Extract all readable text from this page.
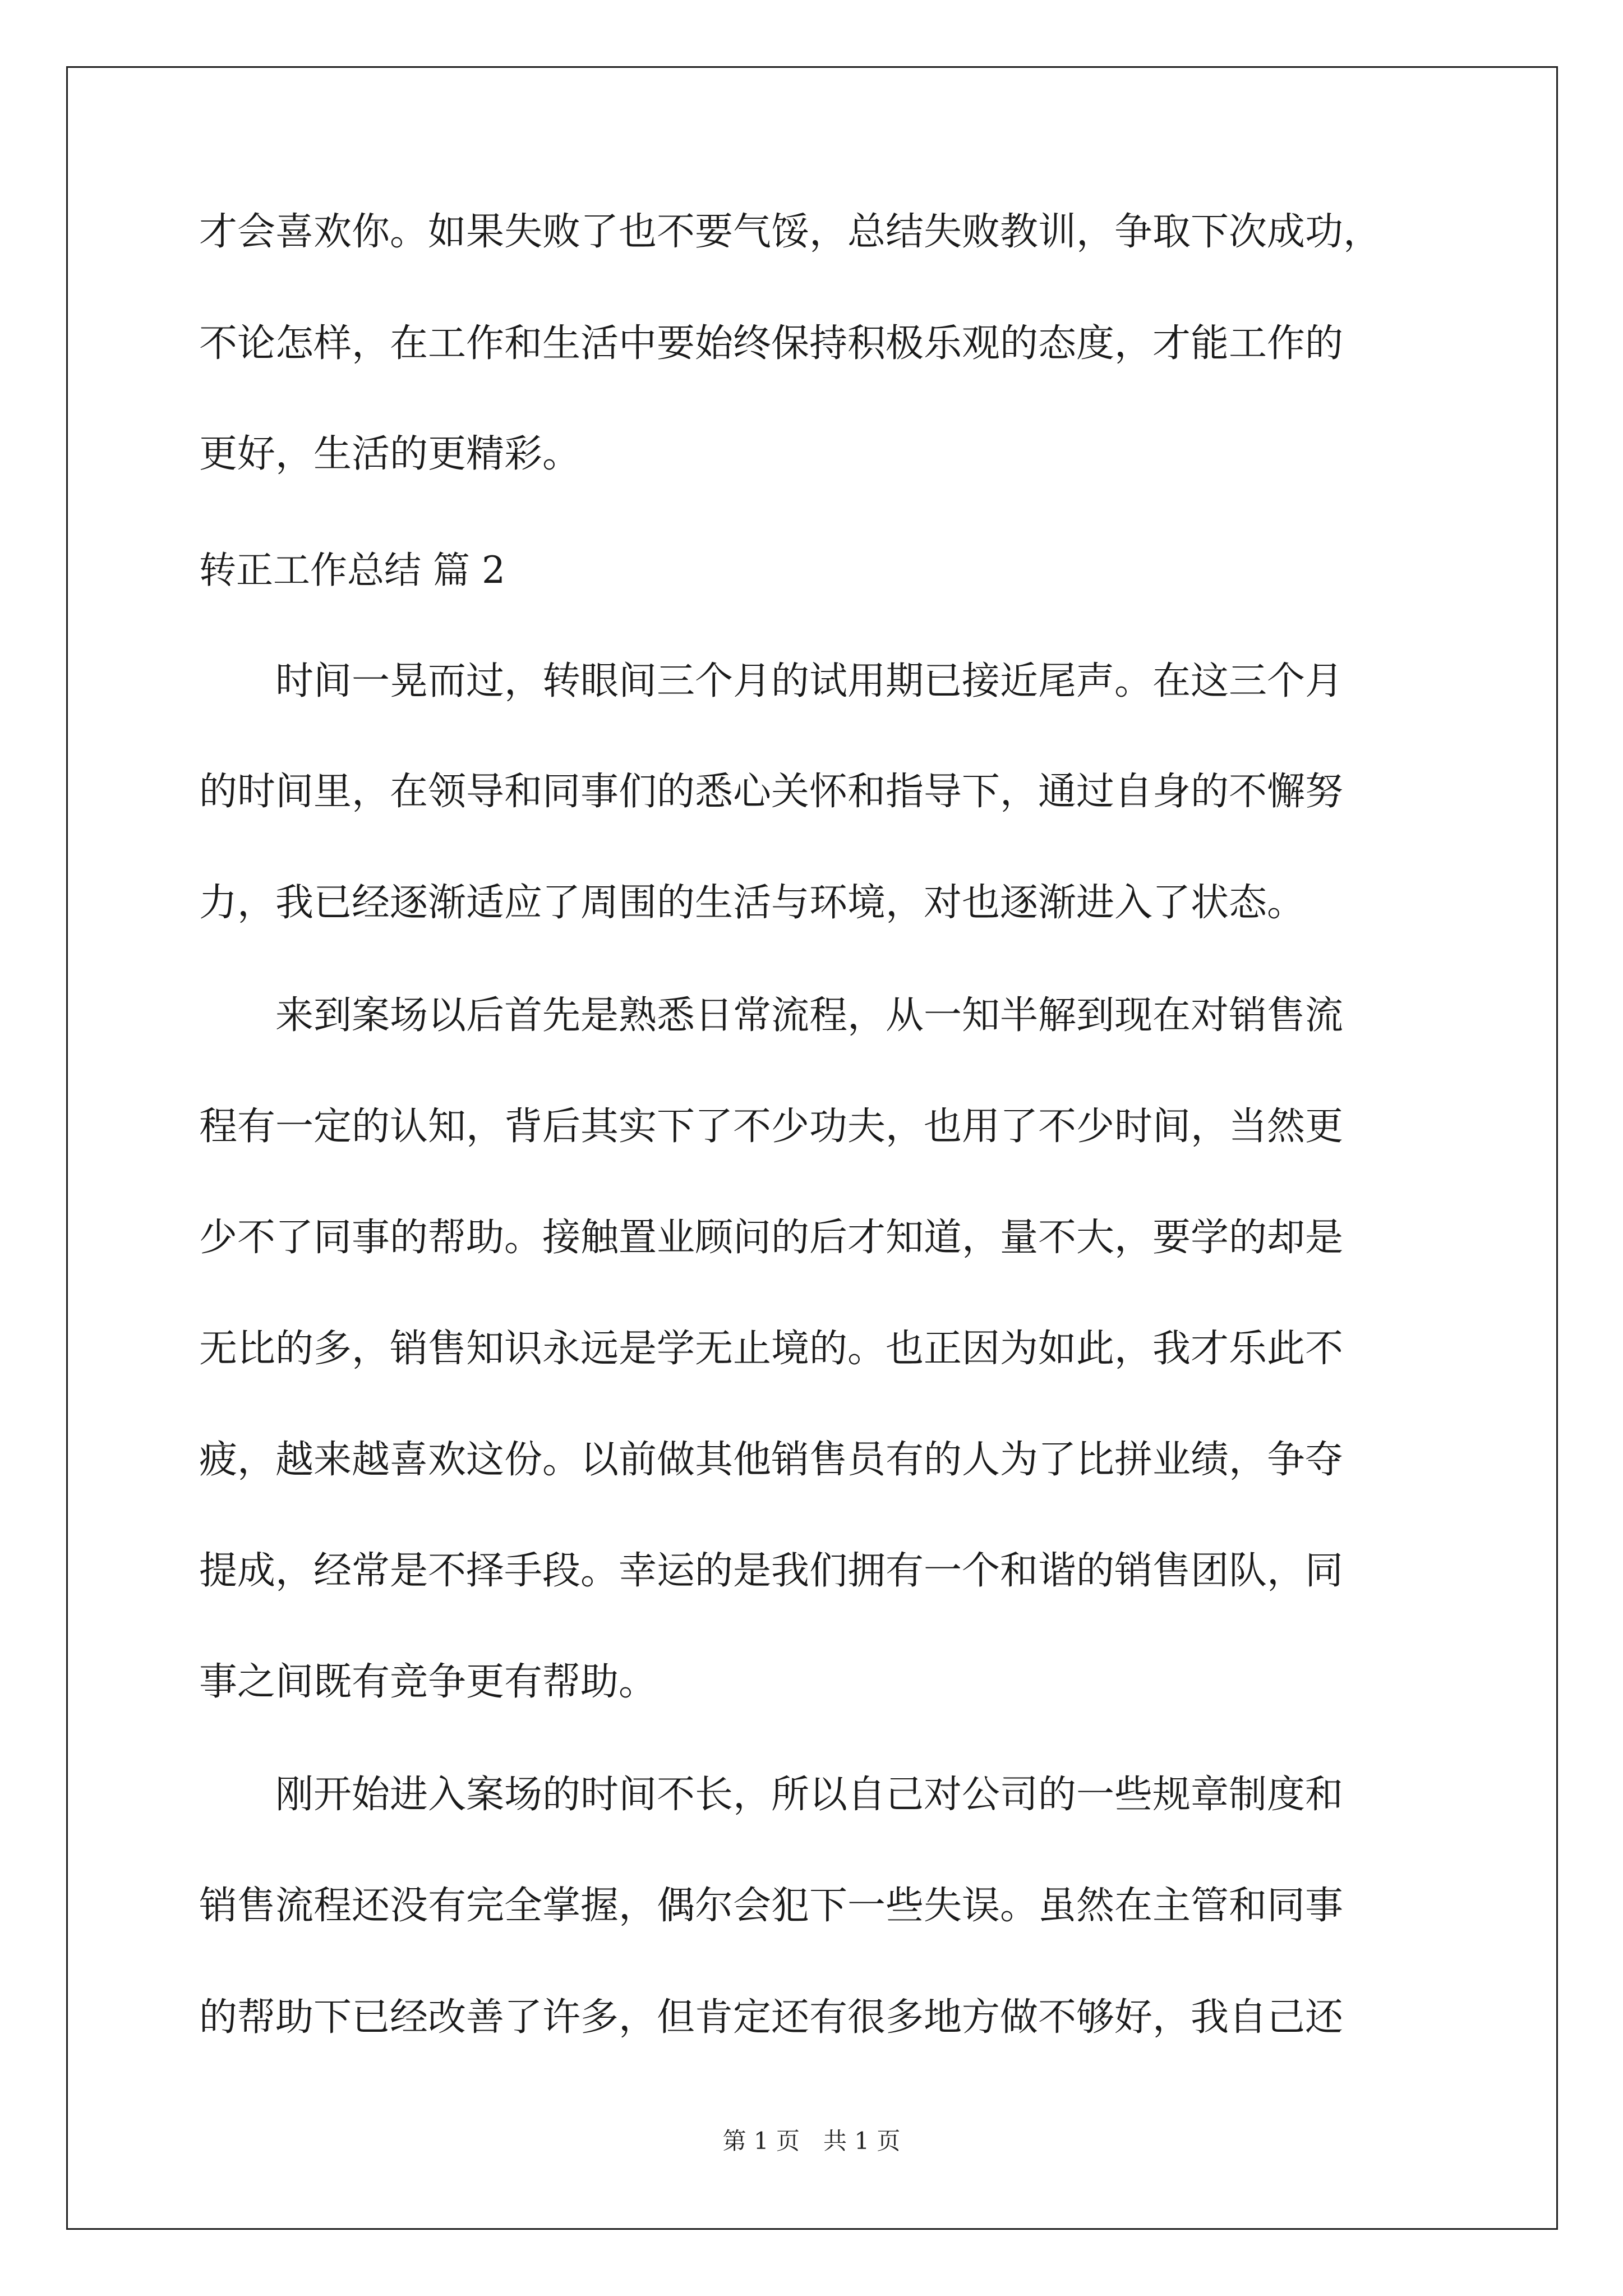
才会喜欢你。如果失败了也不要气馁，总结失败教训，争取下次成功，
不论怎样，在工作和生活中要始终保持积极乐观的态度，才能工作的
更好，生活的更精彩。
转正工作总结 篇 2
　　时间一晃而过，转眼间三个月的试用期已接近尾声。在这三个月
的时间里，在领导和同事们的悉心关怀和指导下，通过自身的不懈努
力，我已经逐渐适应了周围的生活与环境，对也逐渐进入了状态。
　　来到案场以后首先是熟悉日常流程，从一知半解到现在对销售流
程有一定的认知，背后其实下了不少功夫，也用了不少时间，当然更
少不了同事的帮助。接触置业顾问的后才知道，量不大，要学的却是
无比的多，销售知识永远是学无止境的。也正因为如此，我才乐此不
疲，越来越喜欢这份。以前做其他销售员有的人为了比拼业绩，争夺
提成，经常是不择手段。幸运的是我们拥有一个和谐的销售团队，同
事之间既有竞争更有帮助。
　　刚开始进入案场的时间不长，所以自己对公司的一些规章制度和
销售流程还没有完全掌握，偶尔会犯下一些失误。虽然在主管和同事
的帮助下已经改善了许多，但肯定还有很多地方做不够好，我自己还
第 1 页　共 1 页
